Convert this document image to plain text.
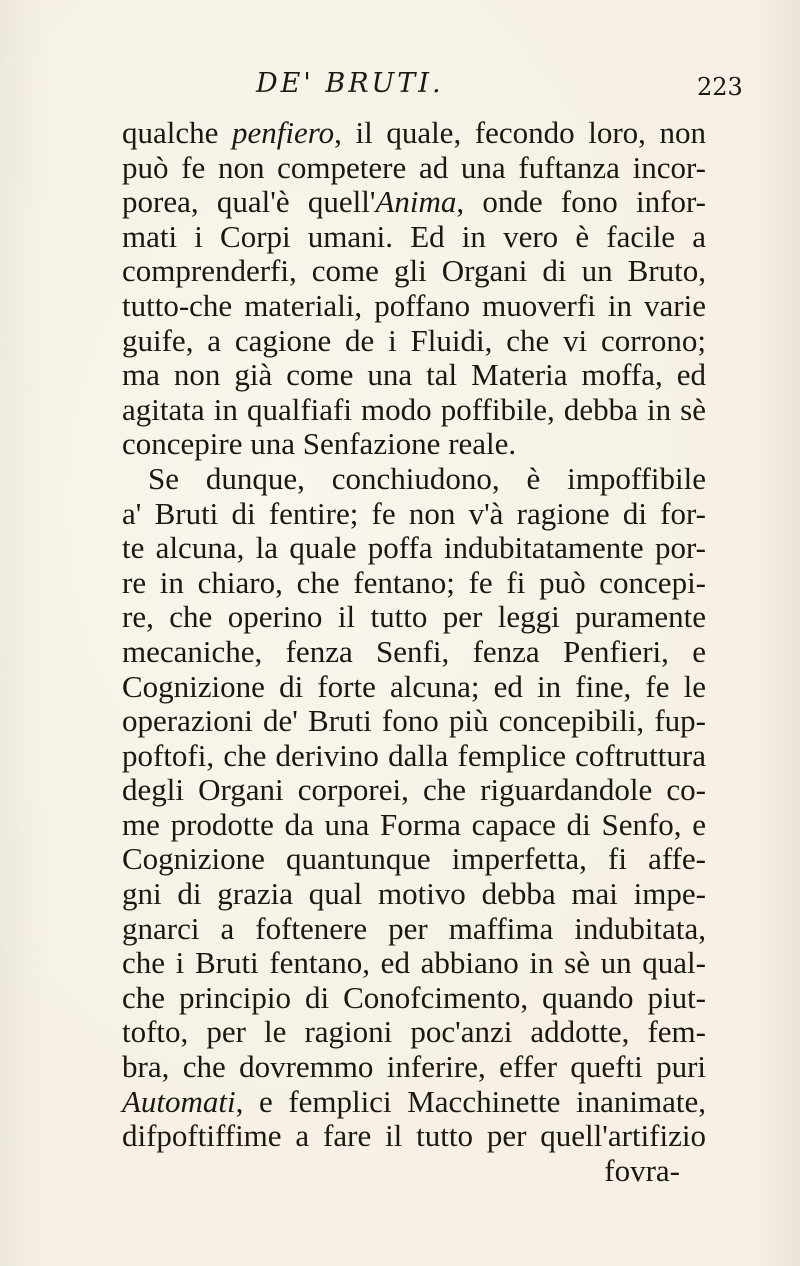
DE' BRUTI.	223
qualche penfiero, il quale, fecondo loro, non
può fe non competere ad una fuftanza incor-
porea, qual'è quell'Anima, onde fono infor-
mati i Corpi umani. Ed in vero è facile a
comprenderfi, come gli Organi di un Bruto,
tutto-che materiali, poffano muoverfi in varie
guife, a cagione de i Fluidi, che vi corrono;
ma non già come una tal Materia moffa, ed
agitata in qualfiafi modo poffibile, debba in sè
concepire una Senfazione reale.
Se dunque, conchiudono, è impoffibile
a' Bruti di fentire; fe non v'à ragione di for-
te alcuna, la quale poffa indubitatamente por-
re in chiaro, che fentano; fe fi può concepi-
re, che operino il tutto per leggi puramente
mecaniche, fenza Senfi, fenza Penfieri, e
Cognizione di forte alcuna; ed in fine, fe le
operazioni de' Bruti fono più concepibili, fup-
poftofi, che derivino dalla femplice coftruttura
degli Organi corporei, che riguardandole co-
me prodotte da una Forma capace di Senfo, e
Cognizione quantunque imperfetta, fi affe-
gni di grazia qual motivo debba mai impe-
gnarci a foftenere per maffima indubitata,
che i Bruti fentano, ed abbiano in sè un qual-
che principio di Conofcimento, quando piut-
tofto, per le ragioni poc'anzi addotte, fem-
bra, che dovremmo inferire, effer quefti puri
Automati, e femplici Macchinette inanimate,
difpoftiffime a fare il tutto per quell'artifizio
fovra-
